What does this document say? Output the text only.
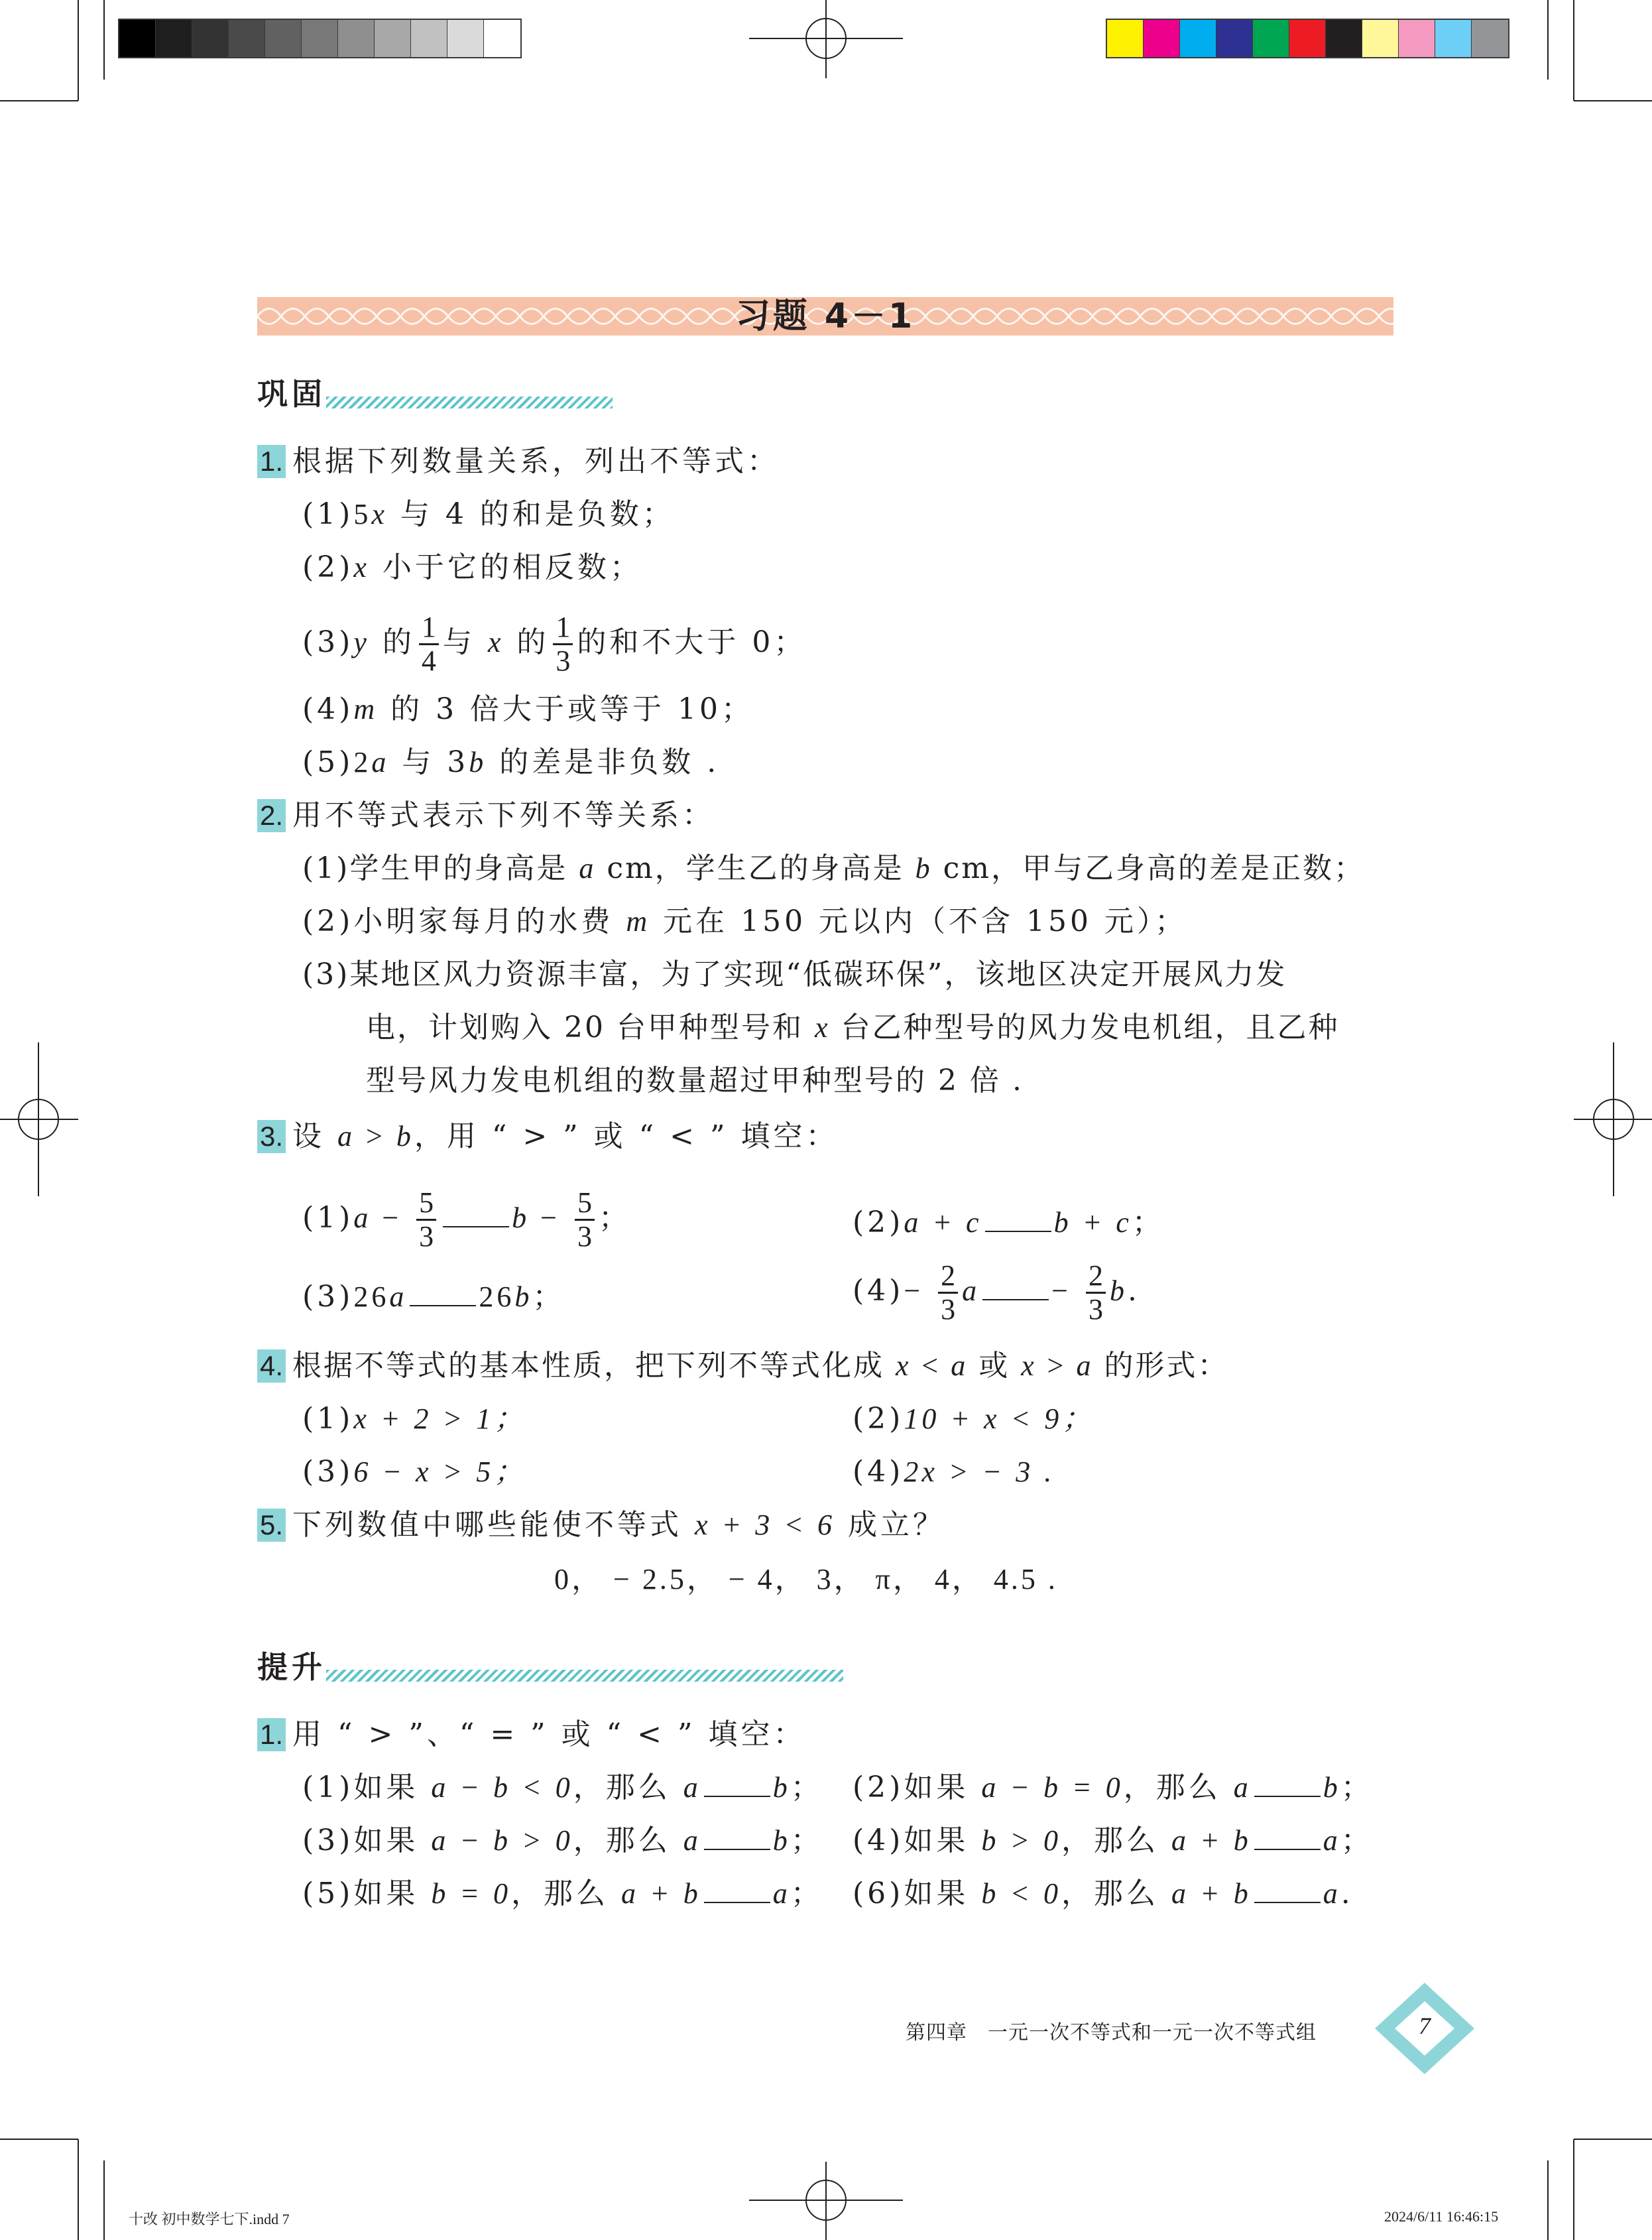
习题 4－1
巩固
1. 根据下列数量关系，列出不等式：
(1)5x 与 4 的和是负数；
(2)x 小于它的相反数；
(3)y 的 $\frac{1}{4}$ 与 x 的 $\frac{1}{3}$ 的和不大于 0；
(4)m 的 3 倍大于或等于 10；
(5)2a 与 3b 的差是非负数 .
2. 用不等式表示下列不等关系：
(1)学生甲的身高是 a cm，学生乙的身高是 b cm，甲与乙身高的差是正数；
(2)小明家每月的水费 m 元在 150 元以内（不含 150 元）；
(3)某地区风力资源丰富，为了实现“低碳环保”，该地区决定开展风力发
电，计划购入 20 台甲种型号和 x 台乙种型号的风力发电机组，且乙种
型号风力发电机组的数量超过甲种型号的 2 倍 .
3. 设 a > b，用 “ > ” 或 “ < ” 填空：
$(1)a - \frac{5}{3}$	$b - \frac{5}{3}$ ；	(2)a + c b + c；
(3)26a 26b；	$(4)- \frac{2}{3}$ $a - \frac{2}{3} b$.
4. 根据不等式的基本性质，把下列不等式化成 x < a 或 x > a 的形式：
(1)x + 2 > 1；	(2)10 + x < 9；
(3)6 − x > 5；	(4)2x > − 3 .
5. 下列数值中哪些能使不等式 x + 3 < 6 成立？
0， − 2.5， − 4， 3， π， 4， 4.5 .
提升
1. 用 “ > ”、“ = ” 或 “ < ” 填空：
(1)如果 a − b < 0，那么 a b； (2)如果 a − b = 0，那么 a b；
(3)如果 a − b > 0，那么 a b； (4)如果 b > 0，那么 a + b a；
(5)如果 b = 0，那么 a + b a； (6)如果 b < 0，那么 a + b a.
第四章　一元一次不等式和一元一次不等式组	7
十改 初中数学七下.indd 7	2024/6/11 16:46:15
